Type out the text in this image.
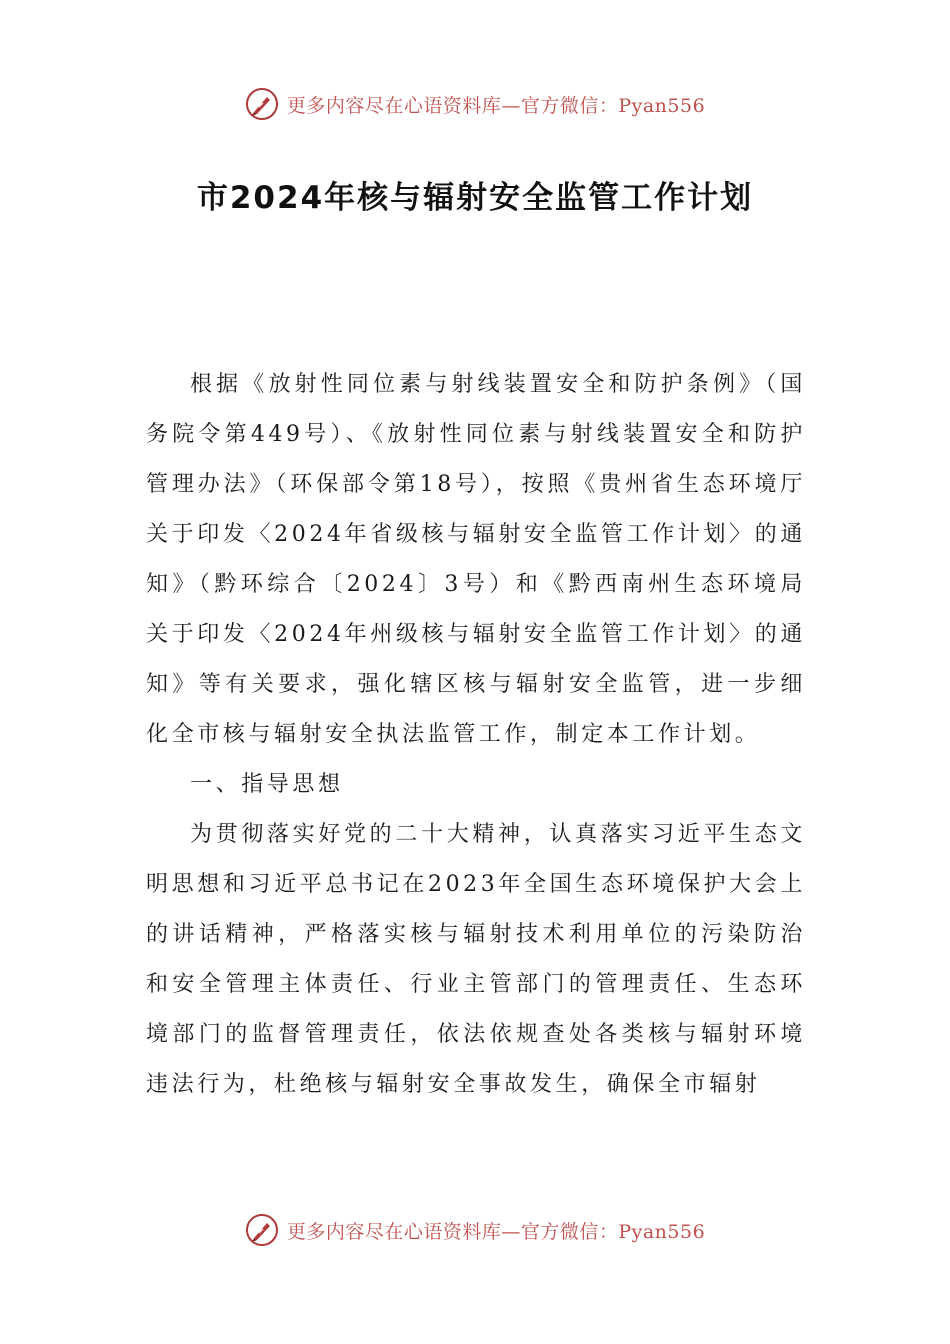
更多内容尽在心语资料库—官方微信：Pyan556
市2024年核与辐射安全监管工作计划

根据《放射性同位素与射线装置安全和防护条例》（国务院令第449号）、《放射性同位素与射线装置安全和防护管理办法》（环保部令第18号），按照《贵州省生态环境厅关于印发〈2024年省级核与辐射安全监管工作计划〉的通知》（黔环综合〔2024〕3号）和《黔西南州生态环境局关于印发〈2024年州级核与辐射安全监管工作计划〉的通知》等有关要求，强化辖区核与辐射安全监管，进一步细化全市核与辐射安全执法监管工作，制定本工作计划。

一、指导思想

为贯彻落实好党的二十大精神，认真落实习近平生态文明思想和习近平总书记在2023年全国生态环境保护大会上的讲话精神，严格落实核与辐射技术利用单位的污染防治和安全管理主体责任、行业主管部门的管理责任、生态环境部门的监督管理责任，依法依规查处各类核与辐射环境违法行为，杜绝核与辐射安全事故发生，确保全市辐射

更多内容尽在心语资料库—官方微信：Pyan556
